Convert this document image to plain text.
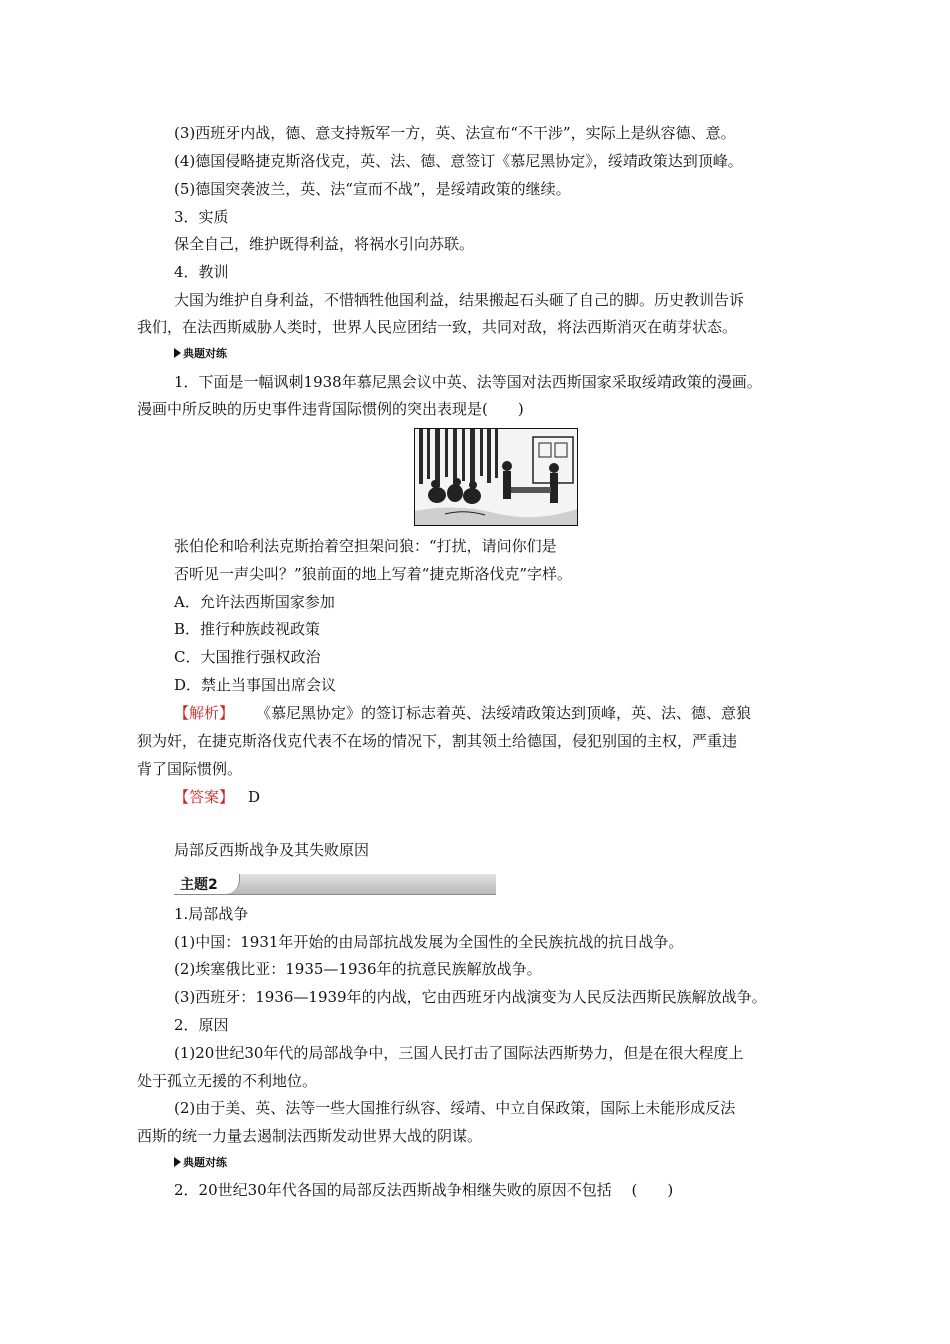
(3)西班牙内战，德、意支持叛军一方，英、法宣布“不干涉”，实际上是纵容德、意。
(4)德国侵略捷克斯洛伐克，英、法、德、意签订《慕尼黑协定》，绥靖政策达到顶峰。
(5)德国突袭波兰，英、法“宣而不战”，是绥靖政策的继续。
3．实质
保全自己，维护既得利益，将祸水引向苏联。
4．教训
大国为维护自身利益，不惜牺牲他国利益，结果搬起石头砸了自己的脚。历史教训告诉
我们，在法西斯威胁人类时，世界人民应团结一致，共同对敌，将法西斯消灭在萌芽状态。
典题对练
1．下面是一幅讽刺1938年慕尼黑会议中英、法等国对法西斯国家采取绥靖政策的漫画。
漫画中所反映的历史事件违背国际惯例的突出表现是(　　)
张伯伦和哈利法克斯抬着空担架问狼：“打扰，请问你们是
否听见一声尖叫？”狼前面的地上写着“捷克斯洛伐克”字样。
A．允许法西斯国家参加
B．推行种族歧视政策
C．大国推行强权政治
D．禁止当事国出席会议
【解析】 《慕尼黑协定》的签订标志着英、法绥靖政策达到顶峰，英、法、德、意狼
狈为奸，在捷克斯洛伐克代表不在场的情况下，割其领土给德国，侵犯别国的主权，严重违
背了国际惯例。
【答案】 D
局部反西斯战争及其失败原因
主题2
1.局部战争
(1)中国：1931年开始的由局部抗战发展为全国性的全民族抗战的抗日战争。
(2)埃塞俄比亚：1935—1936年的抗意民族解放战争。
(3)西班牙：1936—1939年的内战，它由西班牙内战演变为人民反法西斯民族解放战争。
2．原因
(1)20世纪30年代的局部战争中，三国人民打击了国际法西斯势力，但是在很大程度上
处于孤立无援的不利地位。
(2)由于美、英、法等一些大国推行纵容、绥靖、中立自保政策，国际上未能形成反法
西斯的统一力量去遏制法西斯发动世界大战的阴谋。
典题对练
2．20世纪30年代各国的局部反法西斯战争相继失败的原因不包括　 (　　)
